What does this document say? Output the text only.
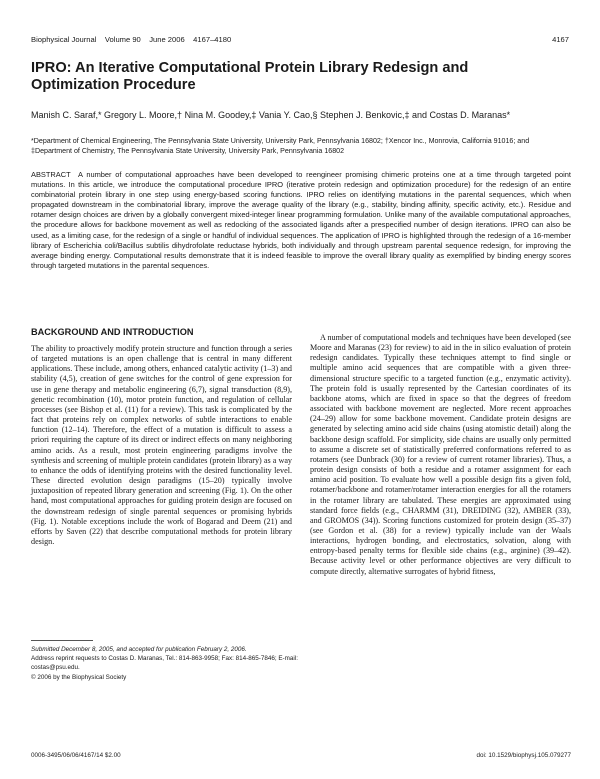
Biophysical Journal Volume 90 June 2006 4167–4180	4167
IPRO: An Iterative Computational Protein Library Redesign and Optimization Procedure
Manish C. Saraf,* Gregory L. Moore,† Nina M. Goodey,‡ Vania Y. Cao,§ Stephen J. Benkovic,‡ and Costas D. Maranas*
*Department of Chemical Engineering, The Pennsylvania State University, University Park, Pennsylvania 16802; †Xencor Inc., Monrovia, California 91016; and ‡Department of Chemistry, The Pennsylvania State University, University Park, Pennsylvania 16802

ABSTRACT A number of computational approaches have been developed to reengineer promising chimeric proteins one at a time through targeted point mutations. In this article, we introduce the computational procedure IPRO (iterative protein redesign and optimization procedure) for the redesign of an entire combinatorial protein library in one step using energy-based scoring functions. IPRO relies on identifying mutations in the parental sequences, which when propagated downstream in the combinatorial library, improve the average quality of the library (e.g., stability, binding affinity, specific activity, etc.). Residue and rotamer design choices are driven by a globally convergent mixed-integer linear programming formulation. Unlike many of the available computational approaches, the procedure allows for backbone movement as well as redocking of the associated ligands after a prespecified number of design iterations. IPRO can also be used, as a limiting case, for the redesign of a single or handful of individual sequences. The application of IPRO is highlighted through the redesign of a 16-member library of Escherichia coli/Bacillus subtilis dihydrofolate reductase hybrids, both individually and through upstream parental sequence redesign, for improving the average binding energy. Computational results demonstrate that it is indeed feasible to improve the overall library quality as exemplified by binding energy scores through targeted mutations in the parental sequences.

BACKGROUND AND INTRODUCTION

The ability to proactively modify protein structure and function through a series of targeted mutations is an open challenge that is central in many different applications. These include, among others, enhanced catalytic activity (1–3) and stability (4,5), creation of gene switches for the control of gene expression for use in gene therapy and metabolic engineering (6,7), signal transduction (8,9), genetic recombination (10), motor protein function, and regulation of cellular processes (see Bishop et al. (11) for a review). This task is complicated by the fact that proteins rely on complex networks of subtle interactions to enable function (12–14). Therefore, the effect of a mutation is difficult to assess a priori requiring the capture of its direct or indirect effects on many neighboring amino acids. As a result, most protein engineering paradigms involve the synthesis and screening of multiple protein candidates (protein library) as a way to enhance the odds of identifying proteins with the desired functionality level. These directed evolution design paradigms (15–20) typically involve juxtaposition of repeated library generation and screening (Fig. 1). On the other hand, most computational approaches for guiding protein design are focused on the downstream redesign of single parental sequences or promising hybrids (Fig. 1). Notable exceptions include the work of Bogarad and Deem (21) and efforts by Saven (22) that describe computational methods for protein library design.

A number of computational models and techniques have been developed (see Moore and Maranas (23) for review) to aid in the in silico evaluation of protein redesign candidates. Typically these techniques attempt to find single or multiple amino acid sequences that are compatible with a given three-dimensional structure specific to a targeted function (e.g., enzymatic activity). The protein fold is usually represented by the Cartesian coordinates of its backbone atoms, which are fixed in space so that the degrees of freedom associated with backbone movement are neglected. More recent approaches (24–29) allow for some backbone movement. Candidate protein designs are generated by selecting amino acid side chains (using atomistic detail) along the backbone design scaffold. For simplicity, side chains are usually only permitted to assume a discrete set of statistically preferred conformations referred to as rotamers (see Dunbrack (30) for a review of current rotamer libraries). Thus, a protein design consists of both a residue and a rotamer assignment for each amino acid position. To evaluate how well a possible design fits a given fold, rotamer/backbone and rotamer/rotamer interaction energies for all the rotamers in the rotamer library are tabulated. These energies are approximated using standard force fields (e.g., CHARMM (31), DREIDING (32), AMBER (33), and GROMOS (34)). Scoring functions customized for protein design (35–37) (see Gordon et al. (38) for a review) typically include van der Waals interactions, hydrogen bonding, and electrostatics, solvation, along with entropy-based penalty terms for flexible side chains (e.g., arginine) (39–42). Because activity level or other performance objectives are very difficult to compute directly, alternative surrogates of hybrid fitness,

Submitted December 8, 2005, and accepted for publication February 2, 2006.
Address reprint requests to Costas D. Maranas, Tel.: 814-863-9958; Fax: 814-865-7846; E-mail: costas@psu.edu.
© 2006 by the Biophysical Society
0006-3495/06/06/4167/14 $2.00	doi: 10.1529/biophysj.105.079277
